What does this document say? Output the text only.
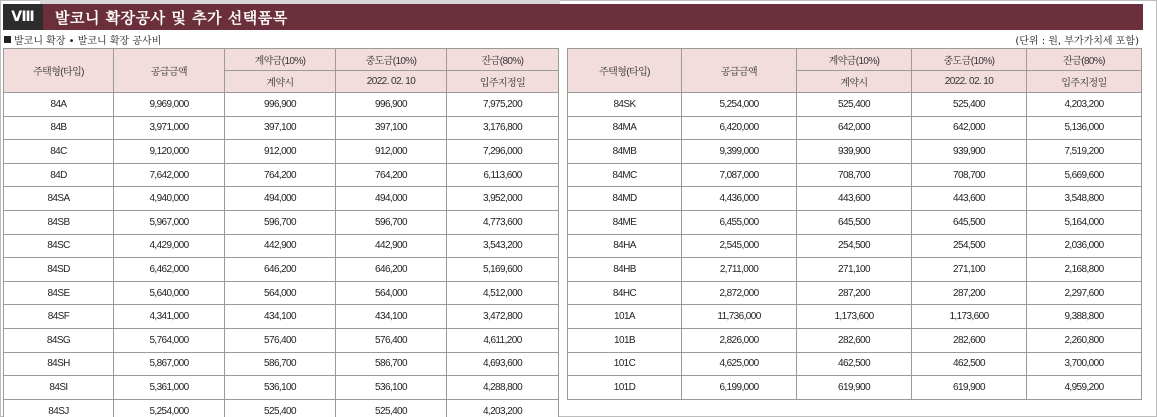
Ⅷ	발코니 확장공사 및 추가 선택품목
발코니 확장 • 발코니 확장 공사비	(단위 : 원, 부가가치세 포함)
주택형(타입)	공급금액	계약금(10%)	중도금(10%)	잔금(80%)
		계약시	2022. 02. 10	입주지정일
84A	9,969,000	996,900	996,900	7,975,200
84B	3,971,000	397,100	397,100	3,176,800
84C	9,120,000	912,000	912,000	7,296,000
84D	7,642,000	764,200	764,200	6,113,600
84SA	4,940,000	494,000	494,000	3,952,000
84SB	5,967,000	596,700	596,700	4,773,600
84SC	4,429,000	442,900	442,900	3,543,200
84SD	6,462,000	646,200	646,200	5,169,600
84SE	5,640,000	564,000	564,000	4,512,000
84SF	4,341,000	434,100	434,100	3,472,800
84SG	5,764,000	576,400	576,400	4,611,200
84SH	5,867,000	586,700	586,700	4,693,600
84SI	5,361,000	536,100	536,100	4,288,800
84SJ	5,254,000	525,400	525,400	4,203,200
주택형(타입)	공급금액	계약금(10%)	중도금(10%)	잔금(80%)
		계약시	2022. 02. 10	입주지정일
84SK	5,254,000	525,400	525,400	4,203,200
84MA	6,420,000	642,000	642,000	5,136,000
84MB	9,399,000	939,900	939,900	7,519,200
84MC	7,087,000	708,700	708,700	5,669,600
84MD	4,436,000	443,600	443,600	3,548,800
84ME	6,455,000	645,500	645,500	5,164,000
84HA	2,545,000	254,500	254,500	2,036,000
84HB	2,711,000	271,100	271,100	2,168,800
84HC	2,872,000	287,200	287,200	2,297,600
101A	11,736,000	1,173,600	1,173,600	9,388,800
101B	2,826,000	282,600	282,600	2,260,800
101C	4,625,000	462,500	462,500	3,700,000
101D	6,199,000	619,900	619,900	4,959,200
